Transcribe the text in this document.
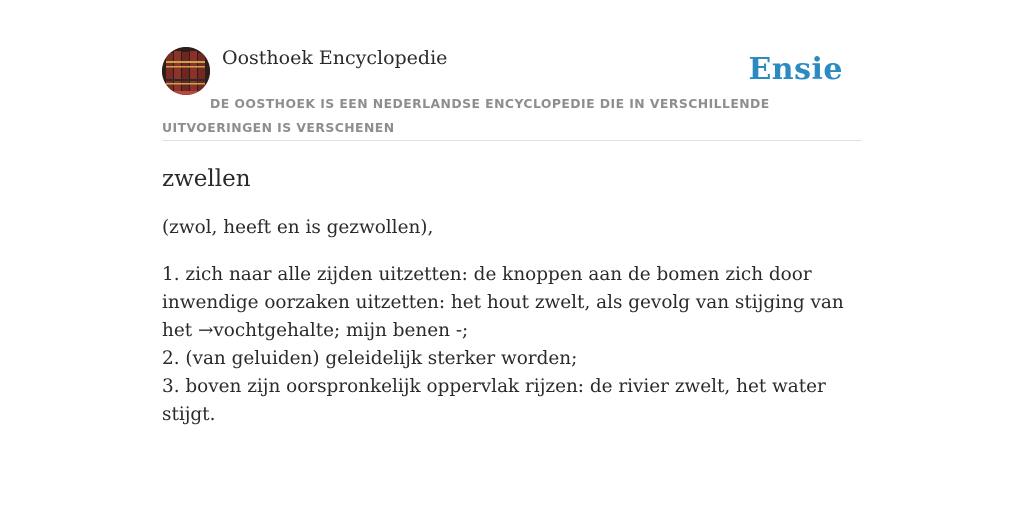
Oosthoek Encyclopedie	Ensie
DE OOSTHOEK IS EEN NEDERLANDSE ENCYCLOPEDIE DIE IN VERSCHILLENDE UITVOERINGEN IS VERSCHENEN
zwellen

(zwol, heeft en is gezwollen),

1. zich naar alle zijden uitzetten: de knoppen aan de bomen zich door inwendige oorzaken uitzetten: het hout zwelt, als gevolg van stijging van het →vochtgehalte; mijn benen -;
2. (van geluiden) geleidelijk sterker worden;
3. boven zijn oorspronkelijk oppervlak rijzen: de rivier zwelt, het water stijgt.
